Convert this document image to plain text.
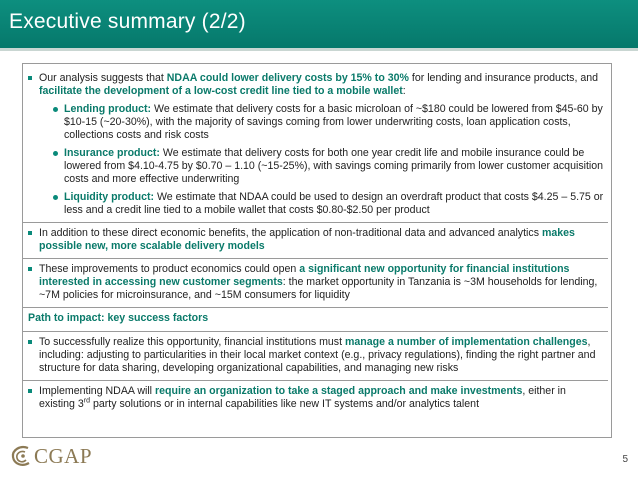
Executive summary (2/2)
Our analysis suggests that NDAA could lower delivery costs by 15% to 30% for lending and insurance products, and facilitate the development of a low-cost credit line tied to a mobile wallet:
Lending product: We estimate that delivery costs for a basic microloan of ~$180 could be lowered from $45-60 by $10-15 (~20-30%), with the majority of savings coming from lower underwriting costs, loan application costs, collections costs and risk costs
Insurance product: We estimate that delivery costs for both one year credit life and mobile insurance could be lowered from $4.10-4.75 by $0.70 – 1.10 (~15-25%), with savings coming primarily from lower customer acquisition costs and more effective underwriting
Liquidity product: We estimate that NDAA could be used to design an overdraft product that costs $4.25 – 5.75 or less and a credit line tied to a mobile wallet that costs $0.80-$2.50 per product
In addition to these direct economic benefits, the application of non-traditional data and advanced analytics makes possible new, more scalable delivery models
These improvements to product economics could open a significant new opportunity for financial institutions interested in accessing new customer segments: the market opportunity in Tanzania is ~3M households for lending, ~7M policies for microinsurance, and ~15M consumers for liquidity
Path to impact: key success factors
To successfully realize this opportunity, financial institutions must manage a number of implementation challenges, including: adjusting to particularities in their local market context (e.g., privacy regulations), finding the right partner and structure for data sharing, developing organizational capabilities, and managing new risks
Implementing NDAA will require an organization to take a staged approach and make investments, either in existing 3rd party solutions or in internal capabilities like new IT systems and/or analytics talent
CGAP	5
